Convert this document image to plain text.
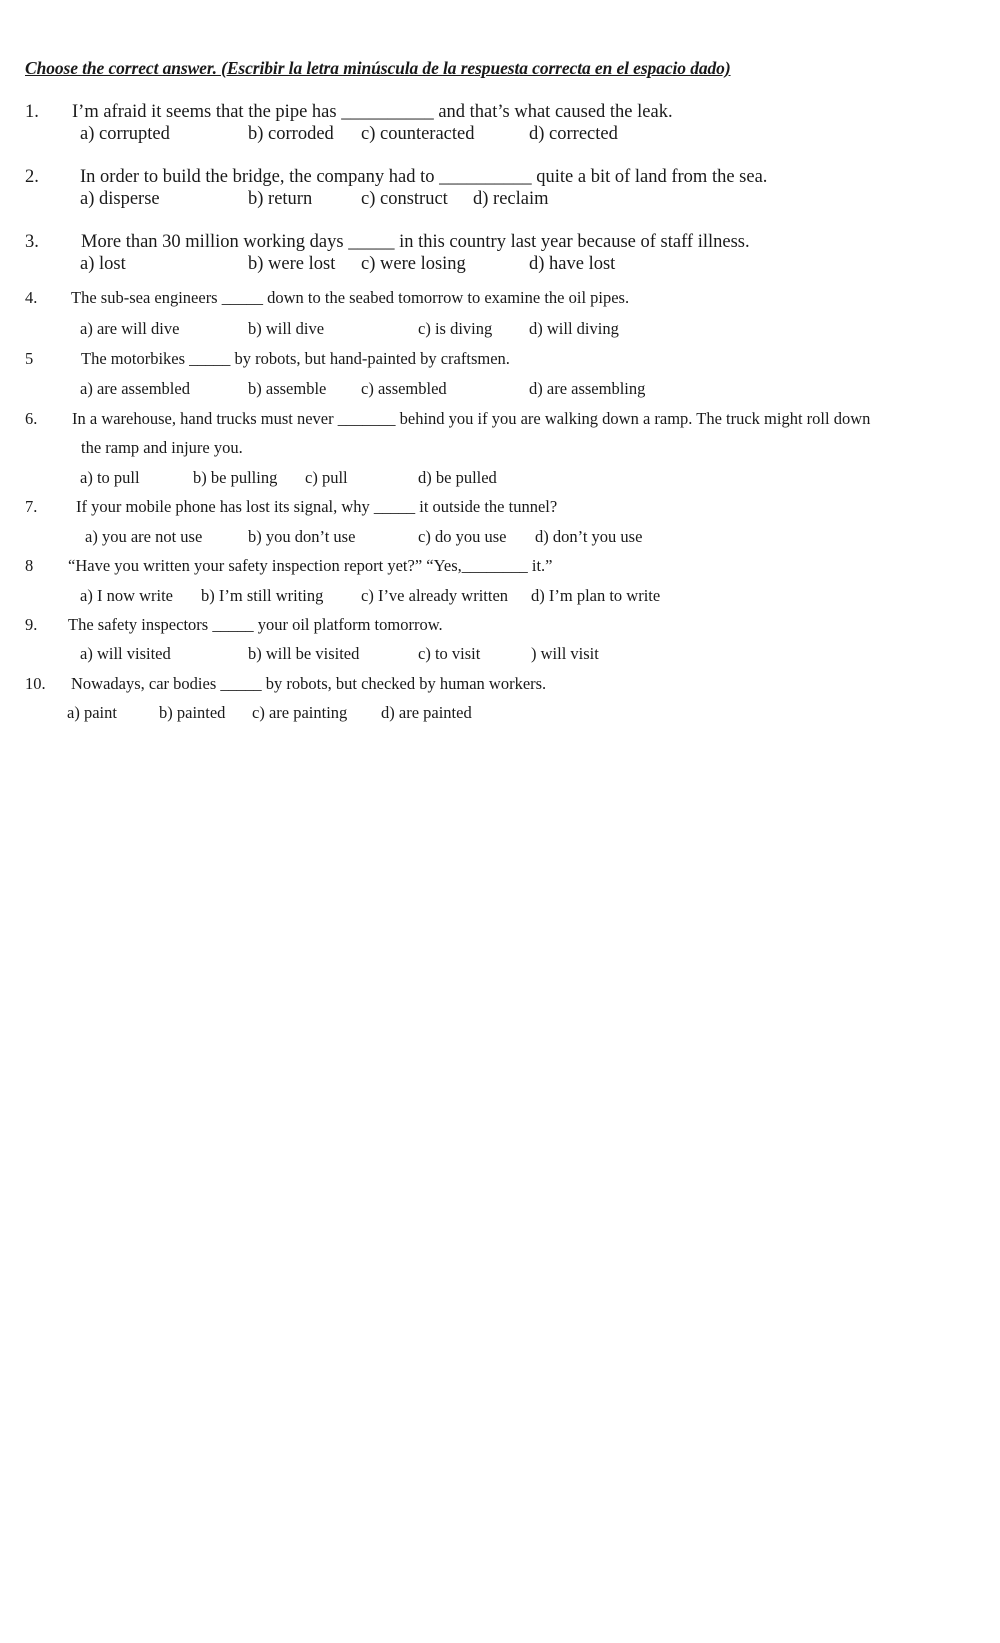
Choose the correct answer. (Escribir la letra minúscula de la respuesta correcta en el espacio dado)
1. I’m afraid it seems that the pipe has __________ and that’s what caused the leak.
a) corrupted	b) corroded c) counteracted	d) corrected
2. In order to build the bridge, the company had to __________ quite a bit of land from the sea.
a) disperse	b) return	c) construct d) reclaim
3. More than 30 million working days _____ in this country last year because of staff illness.
a) lost	b) were lost c) were losing	d) have lost
4. The sub-sea engineers _____ down to the seabed tomorrow to examine the oil pipes.
a) are will dive	b) will dive	c) is diving d) will diving
5	The motorbikes _____ by robots, but hand-painted by craftsmen.
a) are assembled	b) assemble c) assembled	d) are assembling
6. In a warehouse, hand trucks must never _______ behind you if you are walking down a ramp. The truck might roll down
the ramp and injure you.
a) to pull	b) be pulling c) pull	d) be pulled
7. If your mobile phone has lost its signal, why _____ it outside the tunnel?
a) you are not use	b) you don’t use	c) do you use d) don’t you use
8 “Have you written your safety inspection report yet?” “Yes,________ it.”
a) I now write b) I’m still writing c) I’ve already written d) I’m plan to write
9. The safety inspectors _____ your oil platform tomorrow.
a) will visited	b) will be visited	c) to visit	) will visit
10. Nowadays, car bodies _____ by robots, but checked by human workers.
a) paint	b) painted c) are painting d) are painted
